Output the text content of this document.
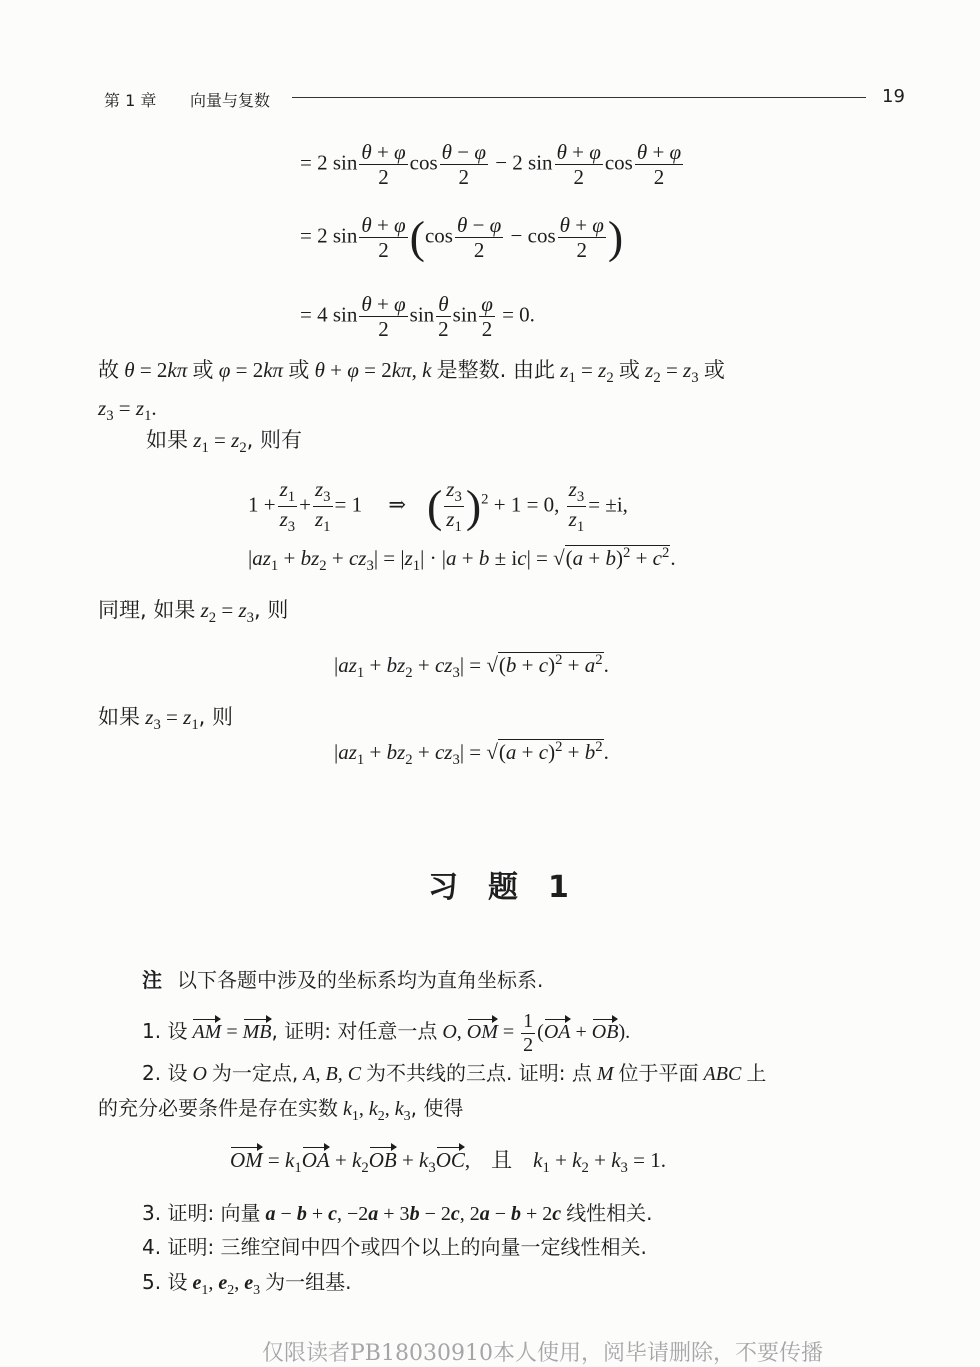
第 1 章 向量与复数	19
= 2 $\sin \frac{\theta + \varphi}{2}$ $\cos \frac{\theta - \varphi}{2} - 2$ $\sin \frac{\theta + \varphi}{2}$ $\cos \frac{\theta + \varphi}{2}$
= 2 $\sin \frac{\theta + \varphi}{2} (\cos \frac{\theta - \varphi}{2} - \cos \frac{\theta + \varphi}{2}$ )
= 4 $\sin \frac{\theta + \varphi}{2}$ $\sin \frac{\theta}{2}$ $\sin \frac{\varphi}{2} = 0$.
故 θ = 2kπ 或 φ = 2kπ 或 θ + φ = 2kπ, k 是整数. 由此 $z_1 = z_2$ 或 $z_2 = z_3$ 或
$z_3 = z_1$.
如果 $z_1 = z_2$, 则有
$1 + \frac{z_1}{z_3} + \frac{z_3}{z_1} = 1$     ⇒    ( $\frac{z_3}{z_1} )^2 + 1 = 0$, $\frac{z_3}{z_1} = \pm i$,
$|az_1 + bz_2 + cz_3| = |z_1| \cdot |a + b \pm ic| = √(a + b)^2 + c^2$.
同理, 如果 $z_2 = z_3$, 则
$|az_1 + bz_2 + cz_3| = √(b + c)^2 + a^2$.
如果 $z_3 = z_1$, 则
$|az_1 + bz_2 + cz_3| = √(a + c)^2 + b^2$.
习　题　1
注 以下各题中涉及的坐标系均为直角坐标系.
1. 设 AM = MB, 证明: 对任意一点 O, OM = $\frac{1}{2} (OA + OB)$.
2. 设 O 为一定点, A, B, C 为不共线的三点. 证明: 点 M 位于平面 ABC 上
的充分必要条件是存在实数 $k_1$, $k_2$, $k_3$, 使得
OM = $k_1OA + k_2OB + k_3OC$,    且 $k_1 + k_2 + k_3 = 1$.
3. 证明: 向量 a − b + c, −2a + 3b − 2c, 2a − b + 2c 线性相关.
4. 证明: 三维空间中四个或四个以上的向量一定线性相关.
5. 设 $e_1$, $e_2$, $e_3$ 为一组基.
仅限读者PB18030910本人使用，阅毕请删除，不要传播
